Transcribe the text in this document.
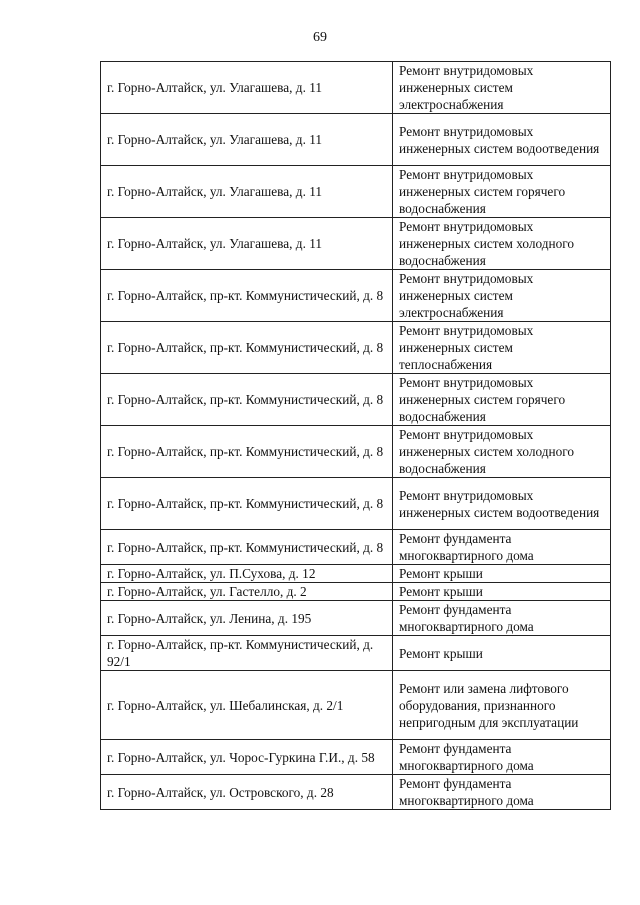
69
г. Горно-Алтайск, ул. Улагашева, д. 11	Ремонт внутридомовых инженерных систем электроснабжения
г. Горно-Алтайск, ул. Улагашева, д. 11	Ремонт внутридомовых инженерных систем водоотведения
г. Горно-Алтайск, ул. Улагашева, д. 11	Ремонт внутридомовых инженерных систем горячего водоснабжения
г. Горно-Алтайск, ул. Улагашева, д. 11	Ремонт внутридомовых инженерных систем холодного водоснабжения
г. Горно-Алтайск, пр-кт. Коммунистический, д. 8	Ремонт внутридомовых инженерных систем электроснабжения
г. Горно-Алтайск, пр-кт. Коммунистический, д. 8	Ремонт внутридомовых инженерных систем теплоснабжения
г. Горно-Алтайск, пр-кт. Коммунистический, д. 8	Ремонт внутридомовых инженерных систем горячего водоснабжения
г. Горно-Алтайск, пр-кт. Коммунистический, д. 8	Ремонт внутридомовых инженерных систем холодного водоснабжения
г. Горно-Алтайск, пр-кт. Коммунистический, д. 8	Ремонт внутридомовых инженерных систем водоотведения
г. Горно-Алтайск, пр-кт. Коммунистический, д. 8	Ремонт фундамента многоквартирного дома
г. Горно-Алтайск, ул. П.Сухова, д. 12	Ремонт крыши
г. Горно-Алтайск, ул. Гастелло, д. 2	Ремонт крыши
г. Горно-Алтайск, ул. Ленина, д. 195	Ремонт фундамента многоквартирного дома
г. Горно-Алтайск, пр-кт. Коммунистический, д. 92/1	Ремонт крыши
г. Горно-Алтайск, ул. Шебалинская, д. 2/1	Ремонт или замена лифтового оборудования, признанного непригодным для эксплуатации
г. Горно-Алтайск, ул. Чорос-Гуркина Г.И., д. 58	Ремонт фундамента многоквартирного дома
г. Горно-Алтайск, ул. Островского, д. 28	Ремонт фундамента многоквартирного дома
